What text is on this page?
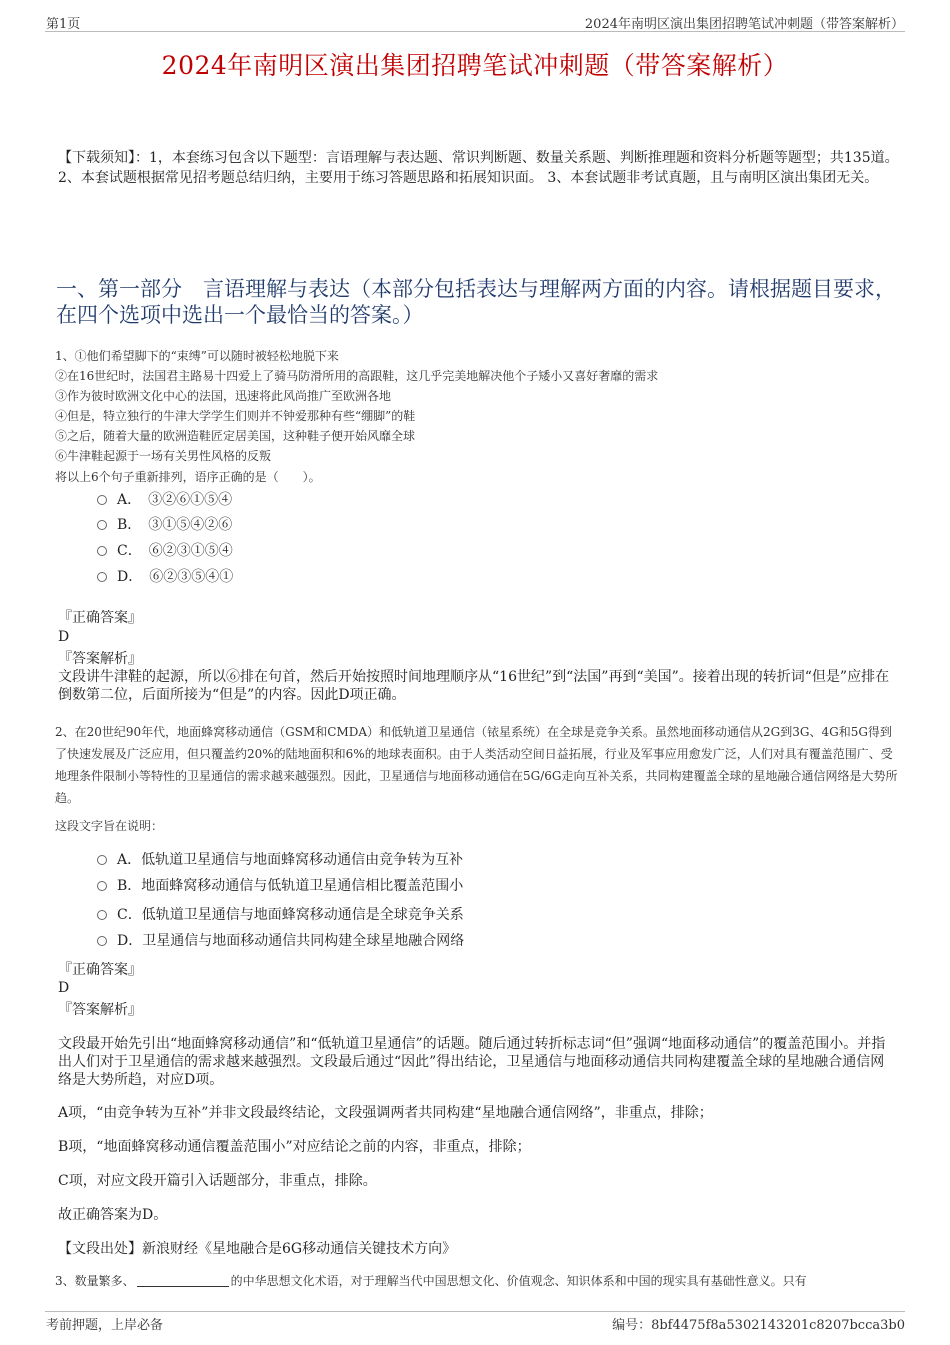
第1页	2024年南明区演出集团招聘笔试冲刺题（带答案解析）
2024年南明区演出集团招聘笔试冲刺题（带答案解析）
【下载须知】：1，本套练习包含以下题型：言语理解与表达题、常识判断题、数量关系题、判断推理题和资料分析题等题型；共135道。 2、本套试题根据常见招考题总结归纳，主要用于练习答题思路和拓展知识面。 3、本套试题非考试真题，且与南明区演出集团无关。
一、第一部分　言语理解与表达（本部分包括表达与理解两方面的内容。请根据题目要求，在四个选项中选出一个最恰当的答案。）
1、①他们希望脚下的“束缚”可以随时被轻松地脱下来
②在16世纪时，法国君主路易十四爱上了骑马防滑所用的高跟鞋，这几乎完美地解决他个子矮小又喜好奢靡的需求
③作为彼时欧洲文化中心的法国，迅速将此风尚推广至欧洲各地
④但是，特立独行的牛津大学学生们则并不钟爱那种有些“绷脚”的鞋
⑤之后，随着大量的欧洲造鞋匠定居美国，这种鞋子便开始风靡全球
⑥牛津鞋起源于一场有关男性风格的反叛
将以上6个句子重新排列，语序正确的是（　　）。
A．　③②⑥①⑤④
B．　③①⑤④②⑥
C．　⑥②③①⑤④
D．　⑥②③⑤④①
『正确答案』
D
『答案解析』
文段讲牛津鞋的起源，所以⑥排在句首，然后开始按照时间地理顺序从“16世纪”到“法国”再到“美国”。接着出现的转折词“但是”应排在倒数第二位，后面所接为“但是”的内容。因此D项正确。
2、在20世纪90年代，地面蜂窝移动通信（GSM和CMDA）和低轨道卫星通信（铱星系统）在全球是竞争关系。虽然地面移动通信从2G到3G、4G和5G得到了快速发展及广泛应用，但只覆盖约20%的陆地面积和6%的地球表面积。由于人类活动空间日益拓展，行业及军事应用愈发广泛，人们对具有覆盖范围广、受地理条件限制小等特性的卫星通信的需求越来越强烈。因此，卫星通信与地面移动通信在5G/6G走向互补关系，共同构建覆盖全球的星地融合通信网络是大势所趋。
这段文字旨在说明：
A．低轨道卫星通信与地面蜂窝移动通信由竞争转为互补
B．地面蜂窝移动通信与低轨道卫星通信相比覆盖范围小
C．低轨道卫星通信与地面蜂窝移动通信是全球竞争关系
D．卫星通信与地面移动通信共同构建全球星地融合网络
『正确答案』
D
『答案解析』
文段最开始先引出“地面蜂窝移动通信”和“低轨道卫星通信”的话题。随后通过转折标志词“但”强调“地面移动通信”的覆盖范围小。并指出人们对于卫星通信的需求越来越强烈。文段最后通过“因此”得出结论，卫星通信与地面移动通信共同构建覆盖全球的星地融合通信网络是大势所趋，对应D项。
A项，“由竞争转为互补”并非文段最终结论，文段强调两者共同构建“星地融合通信网络”，非重点，排除；
B项，“地面蜂窝移动通信覆盖范围小”对应结论之前的内容，非重点，排除；
C项，对应文段开篇引入话题部分，非重点，排除。
故正确答案为D。
【文段出处】新浪财经《星地融合是6G移动通信关键技术方向》
3、数量繁多、	的中华思想文化术语，对于理解当代中国思想文化、价值观念、知识体系和中国的现实具有基础性意义。只有
考前押题，上岸必备	编号：8bf4475f8a5302143201c8207bcca3b0
